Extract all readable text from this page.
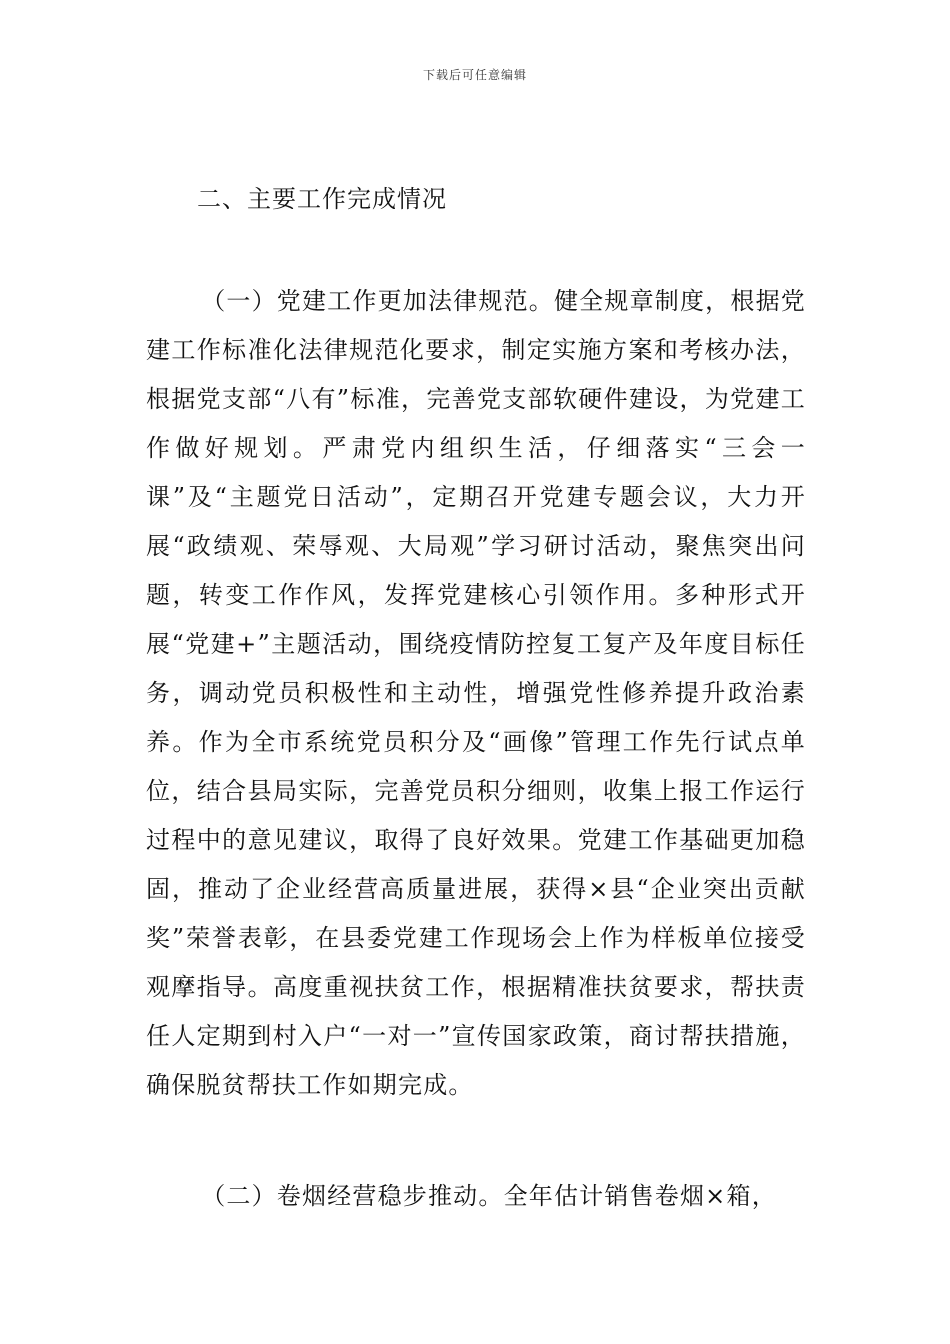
下载后可任意编辑
二、主要工作完成情况

（一）党建工作更加法律规范。健全规章制度，根据党建工作标准化法律规范化要求，制定实施方案和考核办法，根据党支部“八有”标准，完善党支部软硬件建设，为党建工作做好规划。严肃党内组织生活，仔细落实“三会一课”及“主题党日活动”，定期召开党建专题会议，大力开展“政绩观、荣辱观、大局观”学习研讨活动，聚焦突出问题，转变工作作风，发挥党建核心引领作用。多种形式开展“党建+”主题活动，围绕疫情防控复工复产及年度目标任务，调动党员积极性和主动性，增强党性修养提升政治素养。作为全市系统党员积分及“画像”管理工作先行试点单位，结合县局实际，完善党员积分细则，收集上报工作运行过程中的意见建议，取得了良好效果。党建工作基础更加稳固，推动了企业经营高质量进展，获得×县“企业突出贡献奖”荣誉表彰，在县委党建工作现场会上作为样板单位接受观摩指导。高度重视扶贫工作，根据精准扶贫要求，帮扶责任人定期到村入户“一对一”宣传国家政策，商讨帮扶措施，确保脱贫帮扶工作如期完成。

（二）卷烟经营稳步推动。全年估计销售卷烟×箱，
